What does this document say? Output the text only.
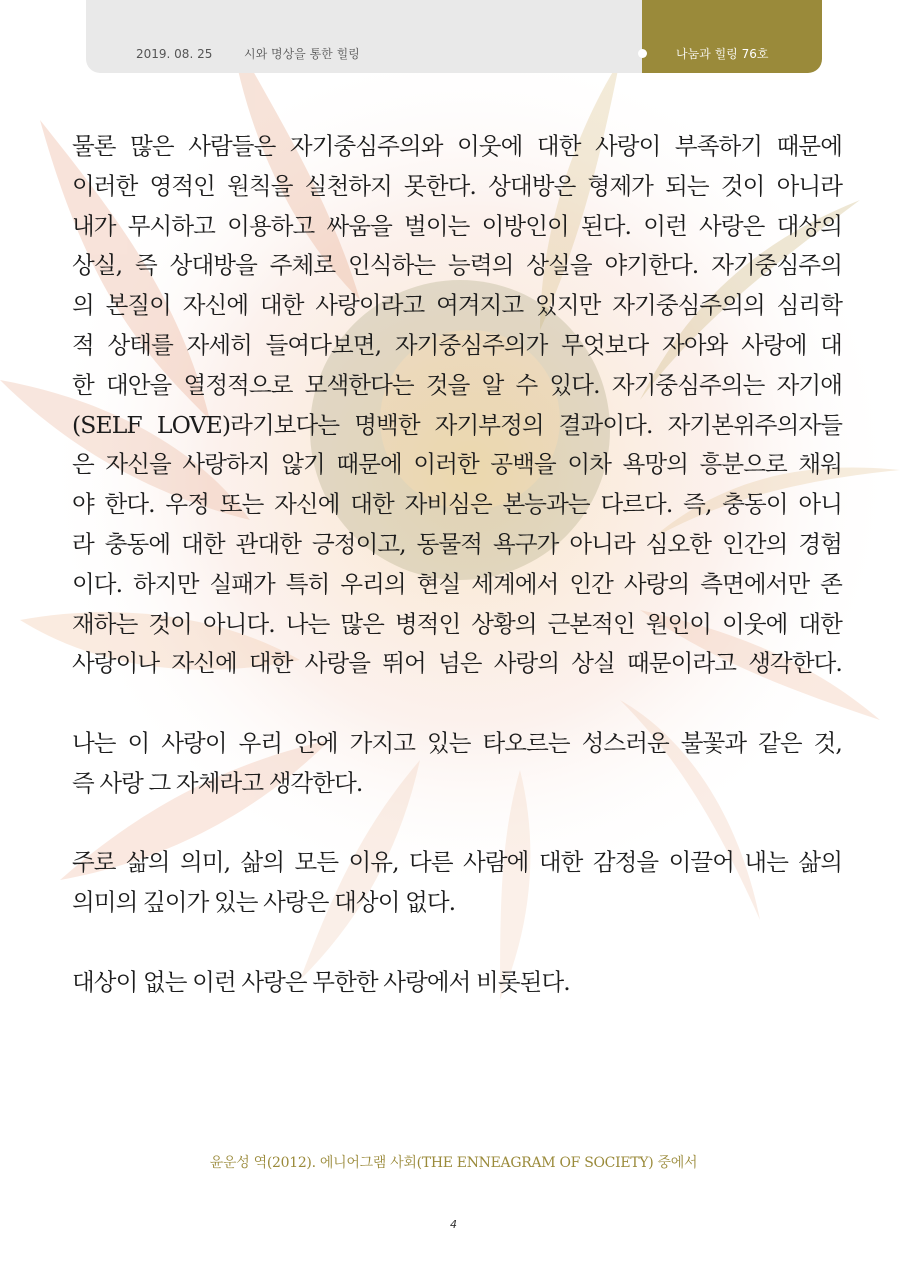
2019. 08. 25	시와 명상을 통한 힐링	나눔과 힐링 76호
물론 많은 사람들은 자기중심주의와 이웃에 대한 사랑이 부족하기 때문에
이러한 영적인 원칙을 실천하지 못한다. 상대방은 형제가 되는 것이 아니라
내가 무시하고 이용하고 싸움을 벌이는 이방인이 된다. 이런 사랑은 대상의
상실, 즉 상대방을 주체로 인식하는 능력의 상실을 야기한다. 자기중심주의
의 본질이 자신에 대한 사랑이라고 여겨지고 있지만 자기중심주의의 심리학
적 상태를 자세히 들여다보면, 자기중심주의가 무엇보다 자아와 사랑에 대
한 대안을 열정적으로 모색한다는 것을 알 수 있다. 자기중심주의는 자기애
(SELF LOVE)라기보다는 명백한 자기부정의 결과이다. 자기본위주의자들
은 자신을 사랑하지 않기 때문에 이러한 공백을 이차 욕망의 흥분으로 채워
야 한다. 우정 또는 자신에 대한 자비심은 본능과는 다르다. 즉, 충동이 아니
라 충동에 대한 관대한 긍정이고, 동물적 욕구가 아니라 심오한 인간의 경험
이다. 하지만 실패가 특히 우리의 현실 세계에서 인간 사랑의 측면에서만 존
재하는 것이 아니다. 나는 많은 병적인 상황의 근본적인 원인이 이웃에 대한
사랑이나 자신에 대한 사랑을 뛰어 넘은 사랑의 상실 때문이라고 생각한다.
나는 이 사랑이 우리 안에 가지고 있는 타오르는 성스러운 불꽃과 같은 것,
즉 사랑 그 자체라고 생각한다.
주로 삶의 의미, 삶의 모든 이유, 다른 사람에 대한 감정을 이끌어 내는 삶의
의미의 깊이가 있는 사랑은 대상이 없다.
대상이 없는 이런 사랑은 무한한 사랑에서 비롯된다.
윤운성 역(2012). 에니어그램 사회(THE ENNEAGRAM OF SOCIETY) 중에서
4
